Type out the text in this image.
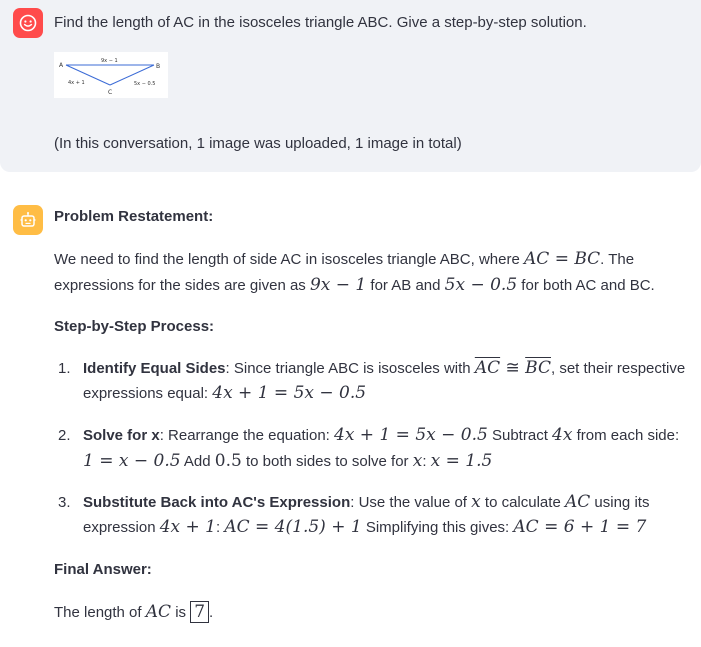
Find the length of AC in the isosceles triangle ABC. Give a step-by-step solution.
A	B
C
9x − 1
4x + 1	5x − 0.5
(In this conversation, 1 image was uploaded, 1 image in total)
Problem Restatement:
We need to find the length of side AC in isosceles triangle ABC, where AC = BC. The
expressions for the sides are given as 9x − 1 for AB and 5x − 0.5 for both AC and BC.
Step-by-Step Process:
1. Identify Equal Sides: Since triangle ABC is isosceles with $\overline{AC}$ ≅ $\overline{BC}$, set their respective
expressions equal: 4x + 1 = 5x − 0.5
2. Solve for x: Rearrange the equation: 4x + 1 = 5x − 0.5 Subtract 4x from each side:
1 = x − 0.5 Add 0.5 to both sides to solve for x: x = 1.5
3. Substitute Back into AC's Expression: Use the value of x to calculate AC using its
expression 4x + 1: AC = 4(1.5) + 1 Simplifying this gives: AC = 6 + 1 = 7
Final Answer:
The length of AC is 7 .
